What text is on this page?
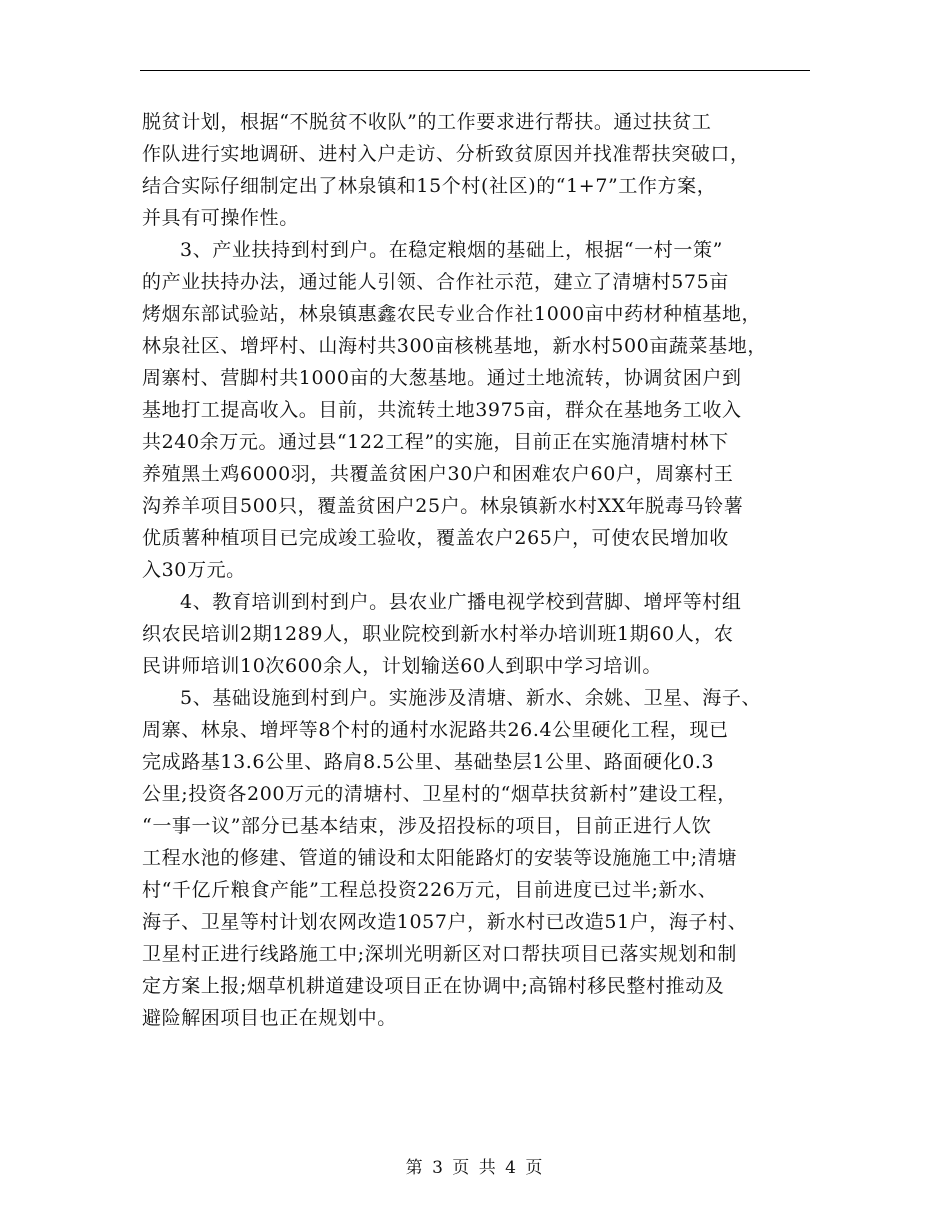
脱贫计划，根据“不脱贫不收队”的工作要求进行帮扶。通过扶贫工
作队进行实地调研、进村入户走访、分析致贫原因并找准帮扶突破口，
结合实际仔细制定出了林泉镇和15个村(社区)的“1+7”工作方案，
并具有可操作性。
3、产业扶持到村到户。在稳定粮烟的基础上，根据“一村一策”
的产业扶持办法，通过能人引领、合作社示范，建立了清塘村575亩
烤烟东部试验站，林泉镇惠鑫农民专业合作社1000亩中药材种植基地，
林泉社区、增坪村、山海村共300亩核桃基地，新水村500亩蔬菜基地，
周寨村、营脚村共1000亩的大葱基地。通过土地流转，协调贫困户到
基地打工提高收入。目前，共流转土地3975亩，群众在基地务工收入
共240余万元。通过县“122工程”的实施，目前正在实施清塘村林下
养殖黑土鸡6000羽，共覆盖贫困户30户和困难农户60户，周寨村王
沟养羊项目500只，覆盖贫困户25户。林泉镇新水村XX年脱毒马铃薯
优质薯种植项目已完成竣工验收，覆盖农户265户，可使农民增加收
入30万元。
4、教育培训到村到户。县农业广播电视学校到营脚、增坪等村组
织农民培训2期1289人，职业院校到新水村举办培训班1期60人，农
民讲师培训10次600余人，计划输送60人到职中学习培训。
5、基础设施到村到户。实施涉及清塘、新水、余姚、卫星、海子、
周寨、林泉、增坪等8个村的通村水泥路共26.4公里硬化工程，现已
完成路基13.6公里、路肩8.5公里、基础垫层1公里、路面硬化0.3
公里;投资各200万元的清塘村、卫星村的“烟草扶贫新村”建设工程，
“一事一议”部分已基本结束，涉及招投标的项目，目前正进行人饮
工程水池的修建、管道的铺设和太阳能路灯的安装等设施施工中;清塘
村“千亿斤粮食产能”工程总投资226万元，目前进度已过半;新水、
海子、卫星等村计划农网改造1057户，新水村已改造51户，海子村、
卫星村正进行线路施工中;深圳光明新区对口帮扶项目已落实规划和制
定方案上报;烟草机耕道建设项目正在协调中;高锦村移民整村推动及
避险解困项目也正在规划中。
第 3 页 共 4 页
